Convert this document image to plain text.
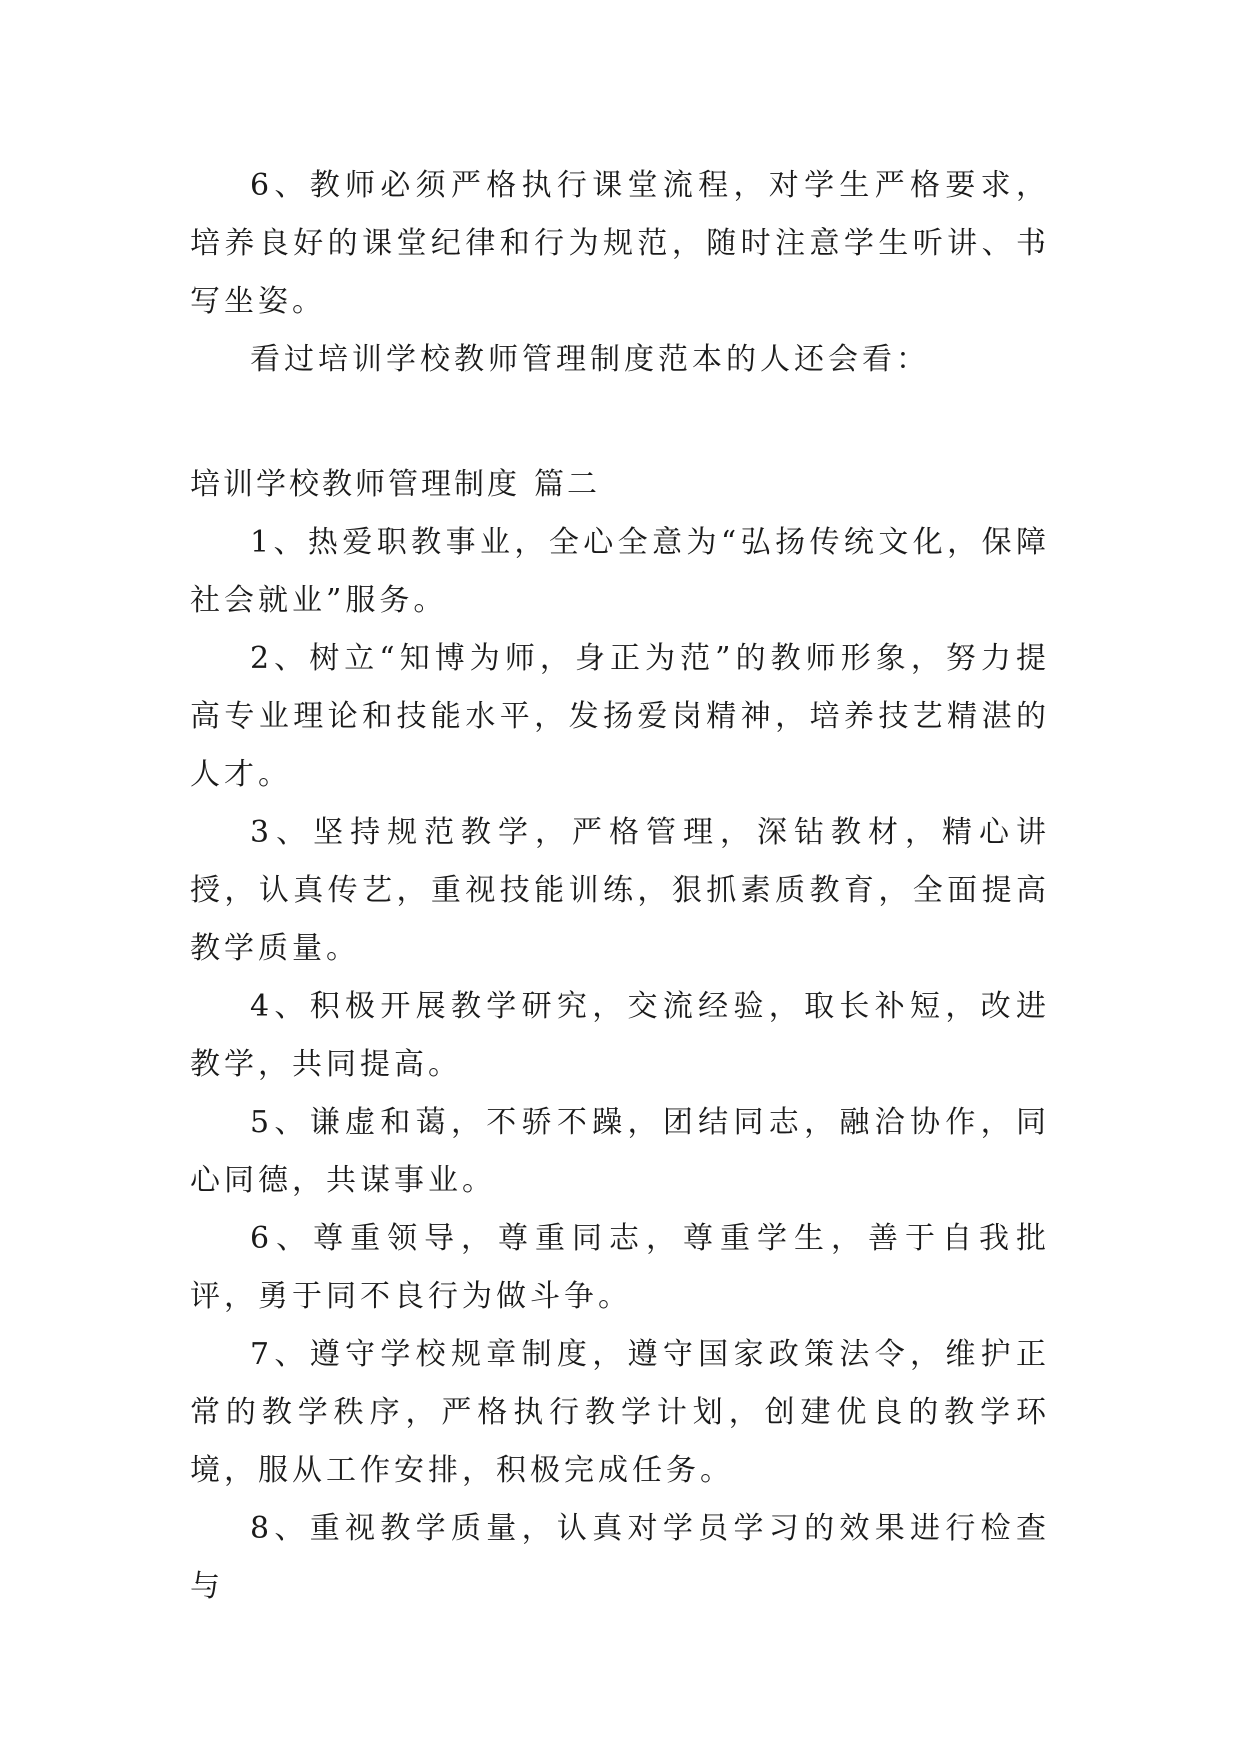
6、教师必须严格执行课堂流程，对学生严格要求，培养良好的课堂纪律和行为规范，随时注意学生听讲、书写坐姿。

看过培训学校教师管理制度范本的人还会看：

培训学校教师管理制度 篇二

1、热爱职教事业，全心全意为“弘扬传统文化，保障社会就业”服务。

2、树立“知博为师，身正为范”的教师形象，努力提高专业理论和技能水平，发扬爱岗精神，培养技艺精湛的人才。

3、坚持规范教学，严格管理，深钻教材，精心讲授，认真传艺，重视技能训练，狠抓素质教育，全面提高教学质量。

4、积极开展教学研究，交流经验，取长补短，改进教学，共同提高。

5、谦虚和蔼，不骄不躁，团结同志，融洽协作，同心同德，共谋事业。

6、尊重领导，尊重同志，尊重学生，善于自我批评，勇于同不良行为做斗争。

7、遵守学校规章制度，遵守国家政策法令，维护正常的教学秩序，严格执行教学计划，创建优良的教学环境，服从工作安排，积极完成任务。

8、重视教学质量，认真对学员学习的效果进行检查与
